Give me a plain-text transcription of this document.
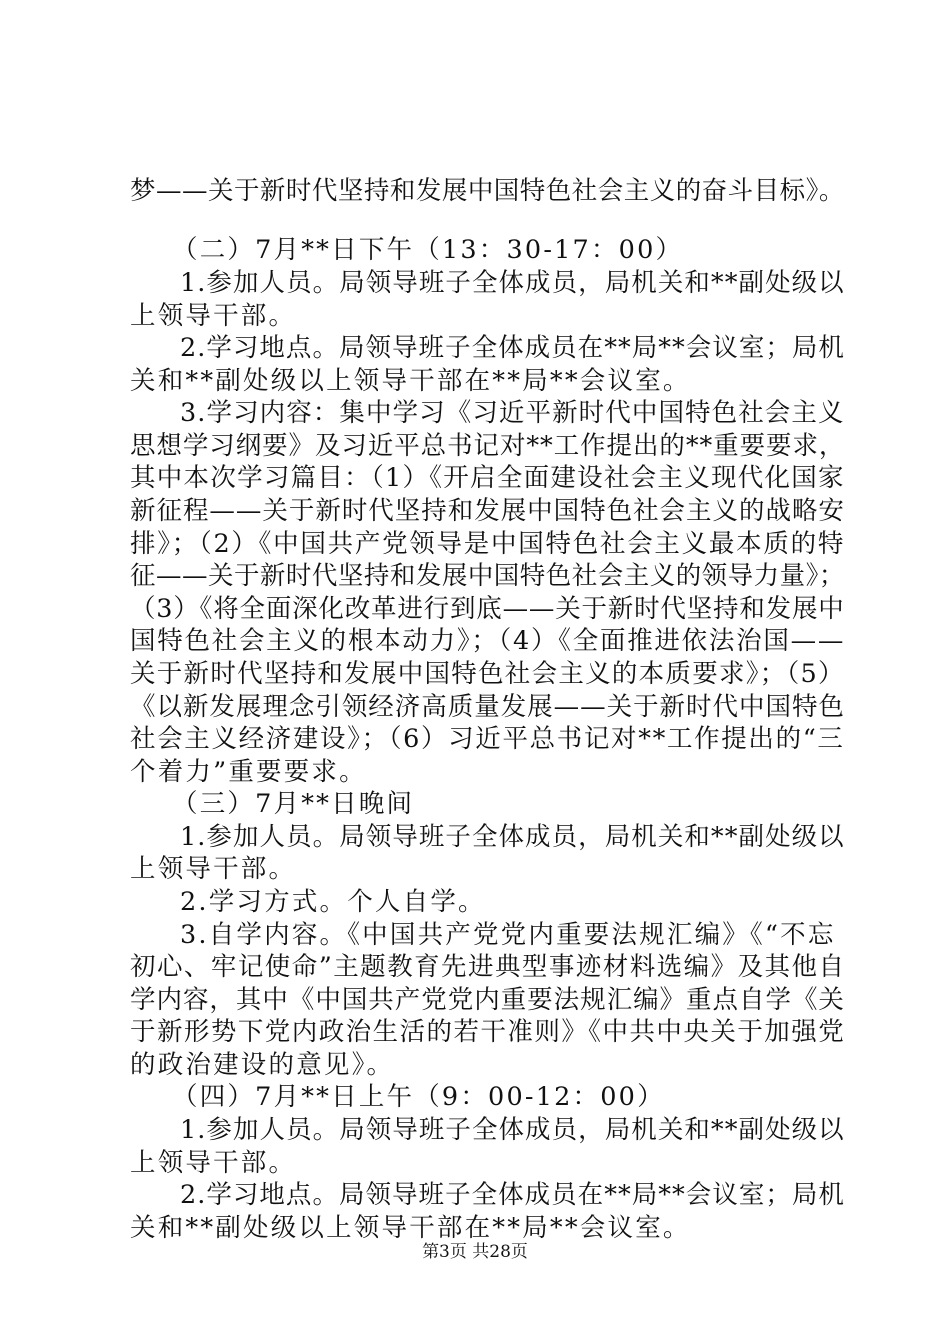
梦——关于新时代坚持和发展中国特色社会主义的奋斗目标》。

（二）7月**日下午（13：30-17：00）

1.参加人员。局领导班子全体成员，局机关和**副处级以

上领导干部。

2.学习地点。局领导班子全体成员在**局**会议室；局机

关和**副处级以上领导干部在**局**会议室。

3.学习内容：集中学习《习近平新时代中国特色社会主义

思想学习纲要》及习近平总书记对**工作提出的**重要要求，

其中本次学习篇目：（1）《开启全面建设社会主义现代化国家

新征程——关于新时代坚持和发展中国特色社会主义的战略安

排》；（2）《中国共产党领导是中国特色社会主义最本质的特

征——关于新时代坚持和发展中国特色社会主义的领导力量》；

（3）《将全面深化改革进行到底——关于新时代坚持和发展中

国特色社会主义的根本动力》；（4）《全面推进依法治国——

关于新时代坚持和发展中国特色社会主义的本质要求》；（5）

《以新发展理念引领经济高质量发展——关于新时代中国特色

社会主义经济建设》；（6）习近平总书记对**工作提出的“三

个着力”重要要求。

（三）7月**日晚间

1.参加人员。局领导班子全体成员，局机关和**副处级以

上领导干部。

2.学习方式。个人自学。

3.自学内容。《中国共产党党内重要法规汇编》《“不忘

初心、牢记使命”主题教育先进典型事迹材料选编》及其他自

学内容，其中《中国共产党党内重要法规汇编》重点自学《关

于新形势下党内政治生活的若干准则》《中共中央关于加强党

的政治建设的意见》。

（四）7月**日上午（9：00-12：00）

1.参加人员。局领导班子全体成员，局机关和**副处级以

上领导干部。

2.学习地点。局领导班子全体成员在**局**会议室；局机

关和**副处级以上领导干部在**局**会议室。

第3页 共28页
